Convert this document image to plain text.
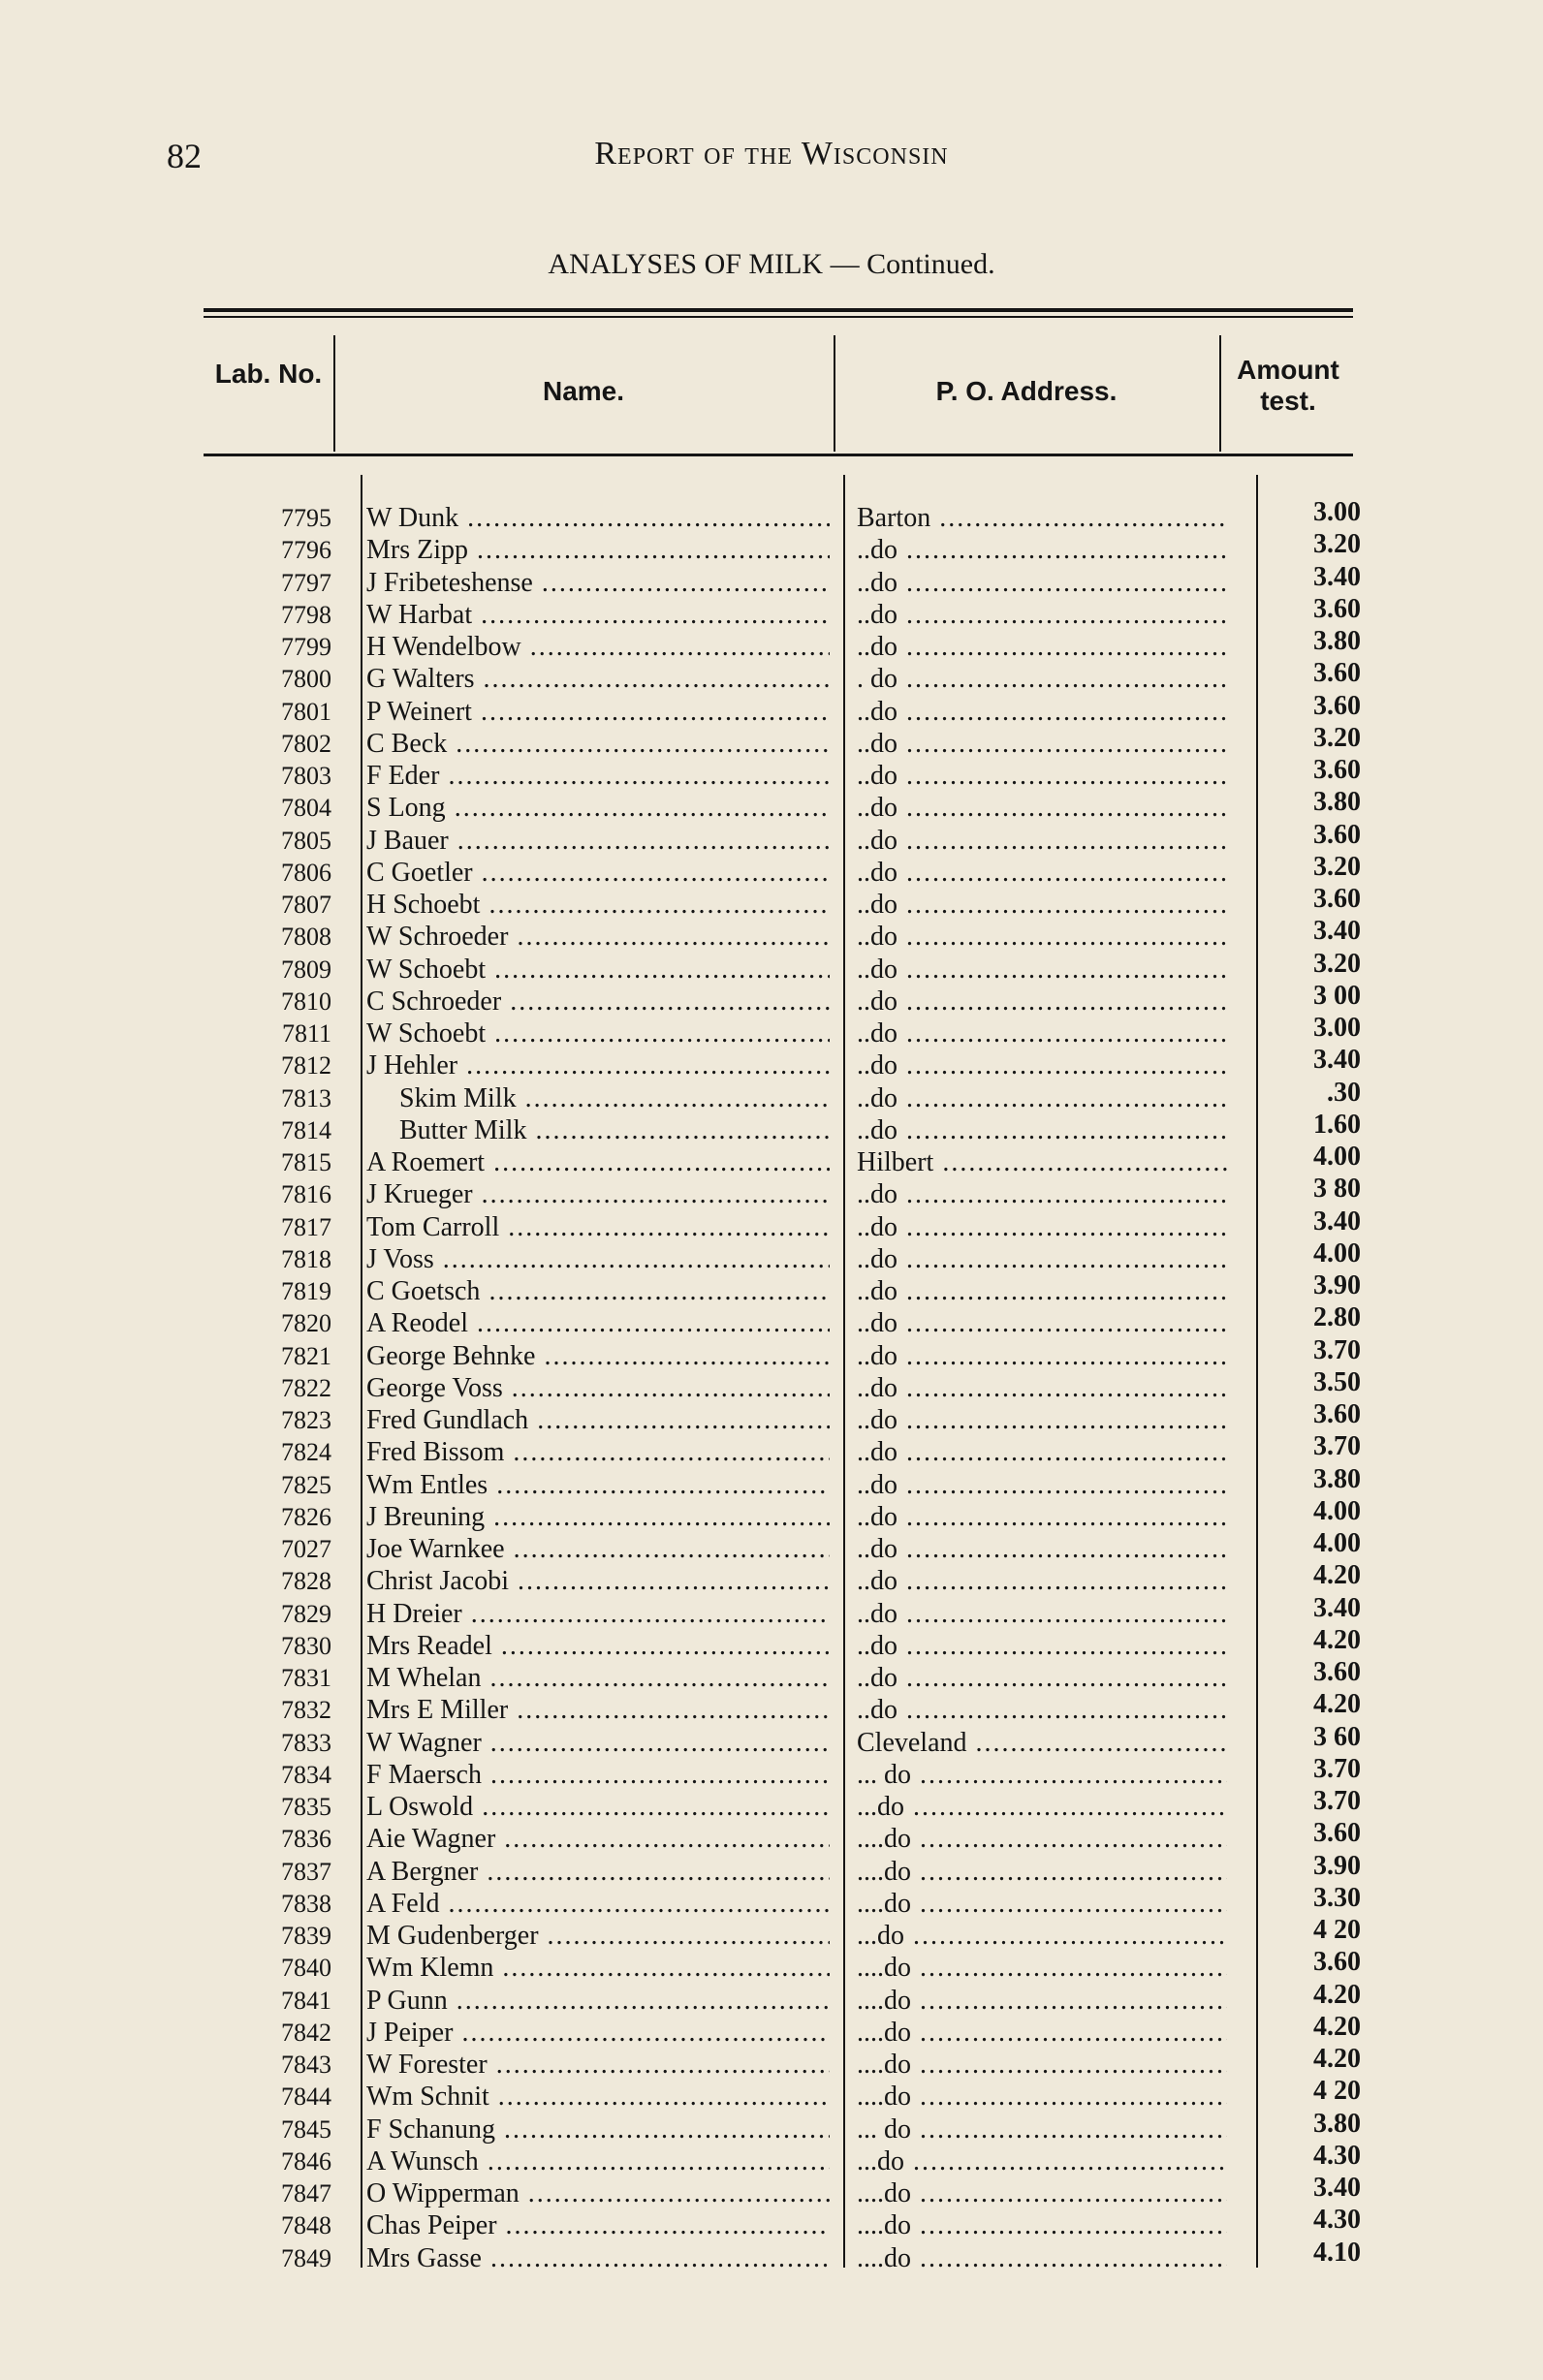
82	Report of the Wisconsin
ANALYSES OF MILK — Continued.
Lab. No.
Name.	P. O. Address.
Amount test.
7795 W Dunk .....	Barton .....	3.00
7796 Mrs Zipp .....	..do .....	3.20
7797 J Fribeteshense .....	..do .....	3.40
7798 W Harbat .....	..do .....	3.60
7799 H Wendelbow .....	..do .....	3.80
7800 G Walters .....	. do .....	3.60
7801 P Weinert .....	..do .....	3.60
7802 C Beck .....	..do .....	3.20
7803 F Eder .....	..do .....	3.60
7804 S Long .....	..do .....	3.80
7805 J Bauer .....	..do .....	3.60
7806 C Goetler .....	..do .....	3.20
7807 H Schoebt .....	..do .....	3.60
7808 W Schroeder .....	..do .....	3.40
7809 W Schoebt .....	..do .....	3.20
7810 C Schroeder .....	..do .....	3 00
7811 W Schoebt .....	..do .....	3.00
7812 J Hehler .....	..do .....	3.40
7813	Skim Milk .....	..do .....	.30
7814	Butter Milk .....	..do .....	1.60
7815 A Roemert .....	Hilbert .....	4.00
7816 J Krueger .....	..do .....	3 80
7817 Tom Carroll .....	..do .....	3.40
7818 J Voss .....	..do .....	4.00
7819 C Goetsch .....	..do .....	3.90
7820 A Reodel .....	..do .....	2.80
7821 George Behnke .....	..do .....	3.70
7822 George Voss .....	..do .....	3.50
7823 Fred Gundlach .....	..do .....	3.60
7824 Fred Bissom .....	..do .....	3.70
7825 Wm Entles .....	..do .....	3.80
7826 J Breuning .....	..do .....	4.00
7027 Joe Warnkee .....	..do .....	4.00
7828 Christ Jacobi .....	..do .....	4.20
7829 H Dreier .....	..do .....	3.40
7830 Mrs Readel .....	..do .....	4.20
7831 M Whelan .....	..do .....	3.60
7832 Mrs E Miller .....	..do .....	4.20
7833 W Wagner .....	Cleveland .....	3 60
7834 F Maersch .....	... do .....	3.70
7835 L Oswold .....	...do .....	3.70
7836 Aie Wagner .....	....do .....	3.60
7837 A Bergner .....	....do .....	3.90
7838 A Feld .....	....do .....	3.30
7839 M Gudenberger .....	...do .....	4 20
7840 Wm Klemn .....	....do .....	3.60
7841 P Gunn .....	....do .....	4.20
7842 J Peiper .....	....do .....	4.20
7843 W Forester .....	....do .....	4.20
7844 Wm Schnit .....	....do .....	4 20
7845 F Schanung .....	... do .....	3.80
7846 A Wunsch .....	...do .....	4.30
7847 O Wipperman .....	....do .....	3.40
7848 Chas Peiper .....	....do .....	4.30
7849 Mrs Gasse .....	....do .....	4.10
